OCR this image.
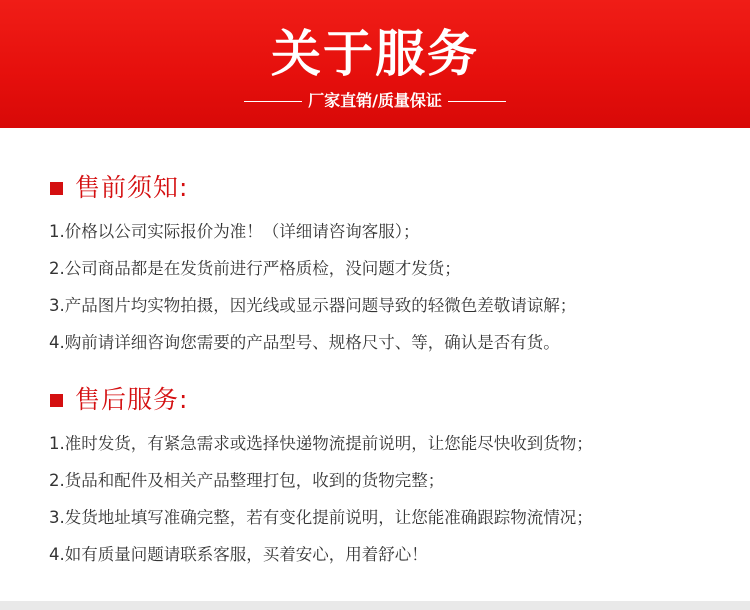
关于服务
厂家直销/质量保证
售前须知:
1. 价格以公司实际报价为准！（详细请咨询客服）；
2. 公司商品都是在发货前进行严格质检，没问题才发货；
3. 产品图片均实物拍摄，因光线或显示器问题导致的轻微色差敬请谅解；
4. 购前请详细咨询您需要的产品型号、规格尺寸、等，确认是否有货。
售后服务:
1. 准时发货，有紧急需求或选择快递物流提前说明，让您能尽快收到货物；
2. 货品和配件及相关产品整理打包，收到的货物完整；
3. 发货地址填写准确完整，若有变化提前说明，让您能准确跟踪物流情况；
4. 如有质量问题请联系客服，买着安心，用着舒心！
